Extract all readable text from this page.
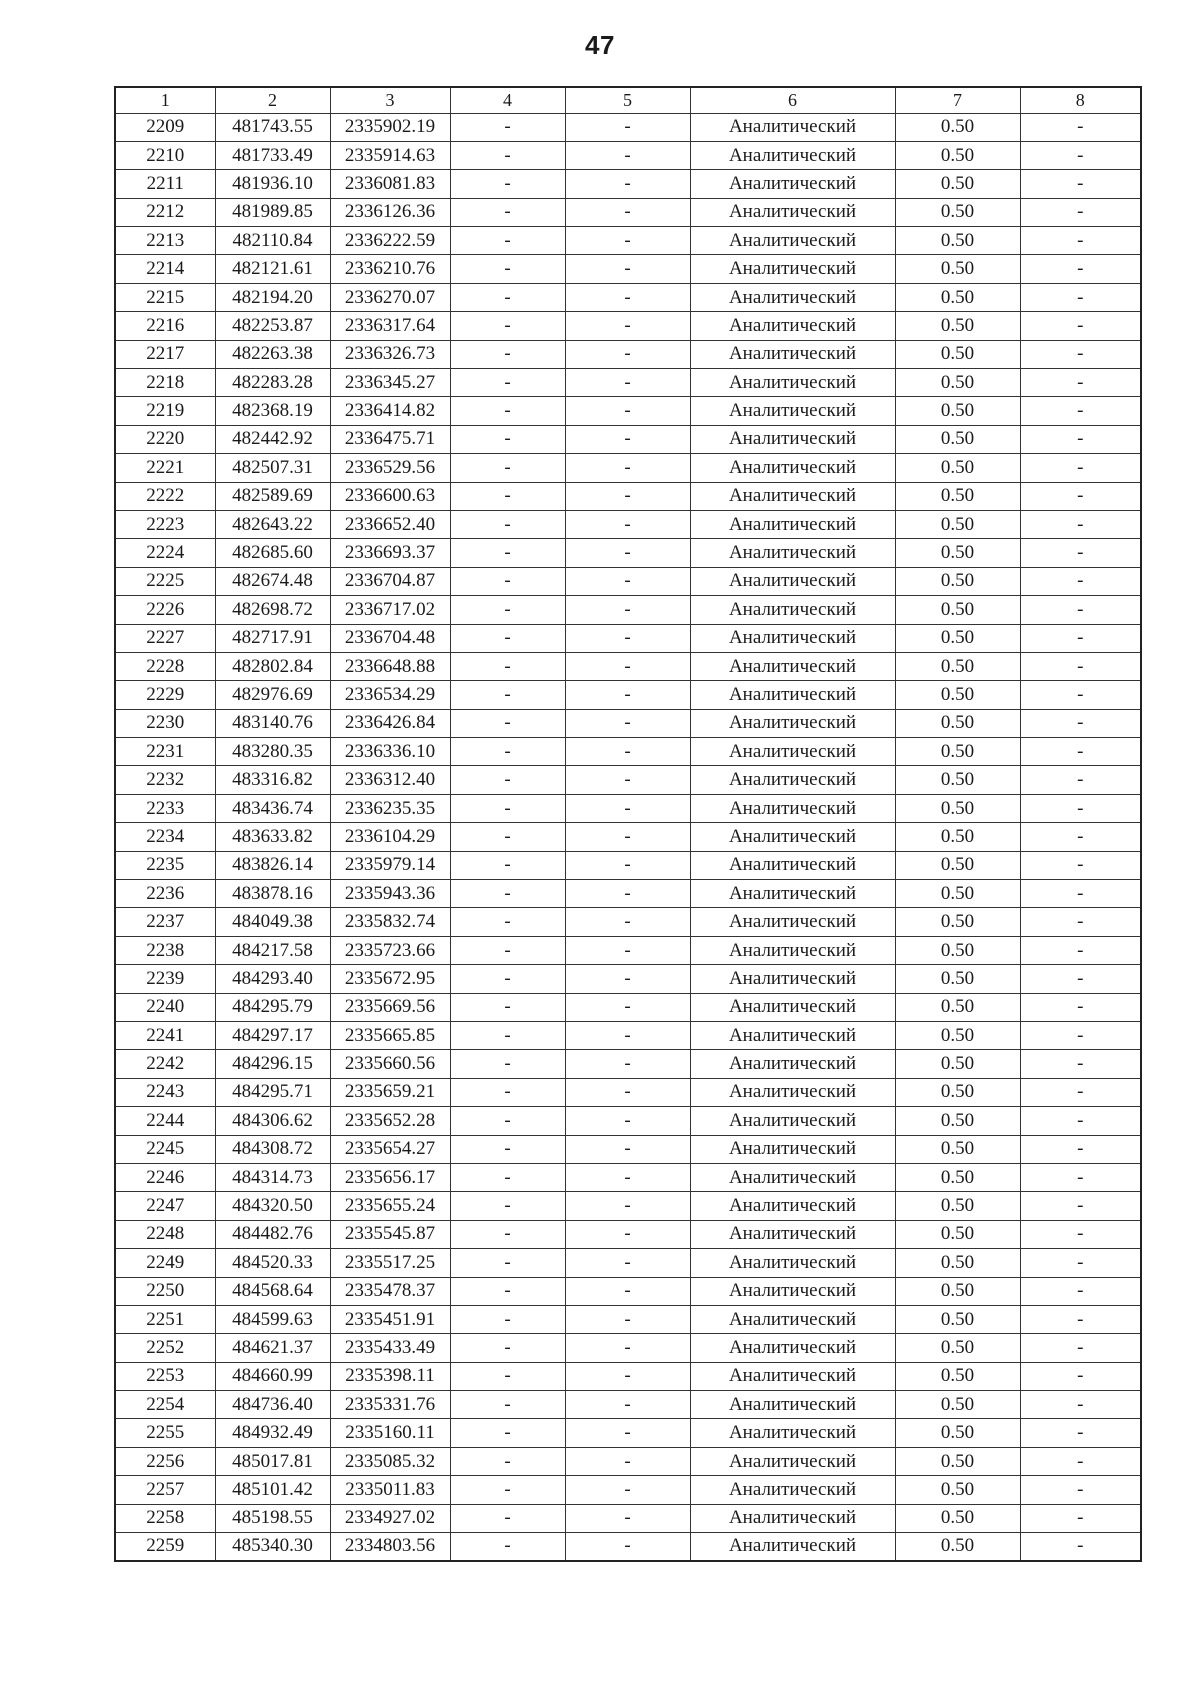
47
1	2	3	4	5	6	7	8
2209	481743.55	2335902.19	-	-	Аналитический	0.50	-
2210	481733.49	2335914.63	-	-	Аналитический	0.50	-
2211	481936.10	2336081.83	-	-	Аналитический	0.50	-
2212	481989.85	2336126.36	-	-	Аналитический	0.50	-
2213	482110.84	2336222.59	-	-	Аналитический	0.50	-
2214	482121.61	2336210.76	-	-	Аналитический	0.50	-
2215	482194.20	2336270.07	-	-	Аналитический	0.50	-
2216	482253.87	2336317.64	-	-	Аналитический	0.50	-
2217	482263.38	2336326.73	-	-	Аналитический	0.50	-
2218	482283.28	2336345.27	-	-	Аналитический	0.50	-
2219	482368.19	2336414.82	-	-	Аналитический	0.50	-
2220	482442.92	2336475.71	-	-	Аналитический	0.50	-
2221	482507.31	2336529.56	-	-	Аналитический	0.50	-
2222	482589.69	2336600.63	-	-	Аналитический	0.50	-
2223	482643.22	2336652.40	-	-	Аналитический	0.50	-
2224	482685.60	2336693.37	-	-	Аналитический	0.50	-
2225	482674.48	2336704.87	-	-	Аналитический	0.50	-
2226	482698.72	2336717.02	-	-	Аналитический	0.50	-
2227	482717.91	2336704.48	-	-	Аналитический	0.50	-
2228	482802.84	2336648.88	-	-	Аналитический	0.50	-
2229	482976.69	2336534.29	-	-	Аналитический	0.50	-
2230	483140.76	2336426.84	-	-	Аналитический	0.50	-
2231	483280.35	2336336.10	-	-	Аналитический	0.50	-
2232	483316.82	2336312.40	-	-	Аналитический	0.50	-
2233	483436.74	2336235.35	-	-	Аналитический	0.50	-
2234	483633.82	2336104.29	-	-	Аналитический	0.50	-
2235	483826.14	2335979.14	-	-	Аналитический	0.50	-
2236	483878.16	2335943.36	-	-	Аналитический	0.50	-
2237	484049.38	2335832.74	-	-	Аналитический	0.50	-
2238	484217.58	2335723.66	-	-	Аналитический	0.50	-
2239	484293.40	2335672.95	-	-	Аналитический	0.50	-
2240	484295.79	2335669.56	-	-	Аналитический	0.50	-
2241	484297.17	2335665.85	-	-	Аналитический	0.50	-
2242	484296.15	2335660.56	-	-	Аналитический	0.50	-
2243	484295.71	2335659.21	-	-	Аналитический	0.50	-
2244	484306.62	2335652.28	-	-	Аналитический	0.50	-
2245	484308.72	2335654.27	-	-	Аналитический	0.50	-
2246	484314.73	2335656.17	-	-	Аналитический	0.50	-
2247	484320.50	2335655.24	-	-	Аналитический	0.50	-
2248	484482.76	2335545.87	-	-	Аналитический	0.50	-
2249	484520.33	2335517.25	-	-	Аналитический	0.50	-
2250	484568.64	2335478.37	-	-	Аналитический	0.50	-
2251	484599.63	2335451.91	-	-	Аналитический	0.50	-
2252	484621.37	2335433.49	-	-	Аналитический	0.50	-
2253	484660.99	2335398.11	-	-	Аналитический	0.50	-
2254	484736.40	2335331.76	-	-	Аналитический	0.50	-
2255	484932.49	2335160.11	-	-	Аналитический	0.50	-
2256	485017.81	2335085.32	-	-	Аналитический	0.50	-
2257	485101.42	2335011.83	-	-	Аналитический	0.50	-
2258	485198.55	2334927.02	-	-	Аналитический	0.50	-
2259	485340.30	2334803.56	-	-	Аналитический	0.50	-
